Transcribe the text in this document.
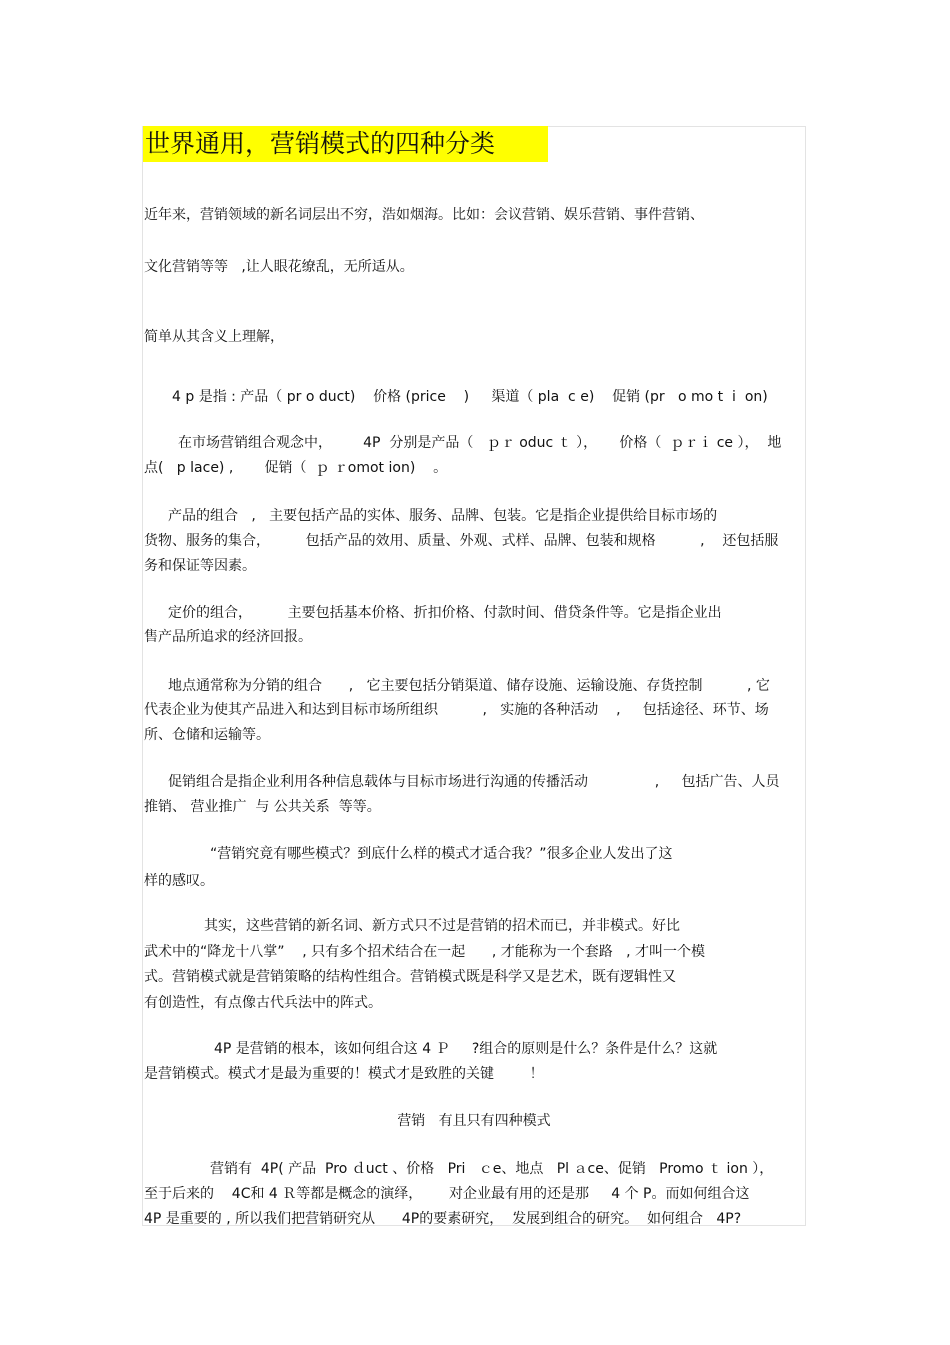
世界通用，营销模式的四种分类
近年来，营销领域的新名词层出不穷，浩如烟海。比如：会议营销、娱乐营销、事件营销、
文化营销等等   ,让人眼花缭乱，无所适从。
简单从其含义上理解，
4 p 是指 : 产品（ pr o duct)    价格 (price    )     渠道（ pla  c e)    促销 (pr   o mo t  i  on)
在市场营销组合观念中，       4P  分别是产品（   ｐｒ oduc ｔ ），     价格（  ｐｒｉ ce ），  地
点(   p lace) ,       促销（  ｐ ｒomot ion)    。
产品的组合   ,   主要包括产品的实体、服务、品牌、包装。它是指企业提供给目标市场的
货物、服务的集合，        包括产品的效用、质量、外观、式样、品牌、包装和规格          ,    还包括服
务和保证等因素。
定价的组合，        主要包括基本价格、折扣价格、付款时间、借贷条件等。它是指企业出
售产品所追求的经济回报。
地点通常称为分销的组合      ,   它主要包括分销渠道、储存设施、运输设施、存货控制          , 它
代表企业为使其产品进入和达到目标市场所组织          ,   实施的各种活动    ,     包括途径、环节、场
所、仓储和运输等。
促销组合是指企业利用各种信息载体与目标市场进行沟通的传播活动               ,     包括广告、人员
推销、 营业推广  与 公共关系  等等。
“营销究竟有哪些模式？到底什么样的模式才适合我？”很多企业人发出了这
样的感叹。
其实，这些营销的新名词、新方式只不过是营销的招术而已，并非模式。好比
武术中的“降龙十八掌”    , 只有多个招术结合在一起      , 才能称为一个套路   , 才叫一个模
式。营销模式就是营销策略的结构性组合。营销模式既是科学又是艺术，既有逻辑性又
有创造性，有点像古代兵法中的阵式。
4P 是营销的根本，该如何组合这 4 Ｐ     ?组合的原则是什么？条件是什么？这就
是营销模式。模式才是最为重要的！模式才是致胜的关键        ！
营销   有且只有四种模式
营销有  4P( 产品  Pro ｄuct 、价格   Pri   ｃe、地点   Pl ａce、促销   Promo ｔ ion ），
至于后来的    4C和 4 Ｒ等都是概念的演绎，      对企业最有用的还是那     4 个 P。而如何组合这
4P 是重要的 , 所以我们把营销研究从      4P的要素研究，  发展到组合的研究。  如何组合   4P?
